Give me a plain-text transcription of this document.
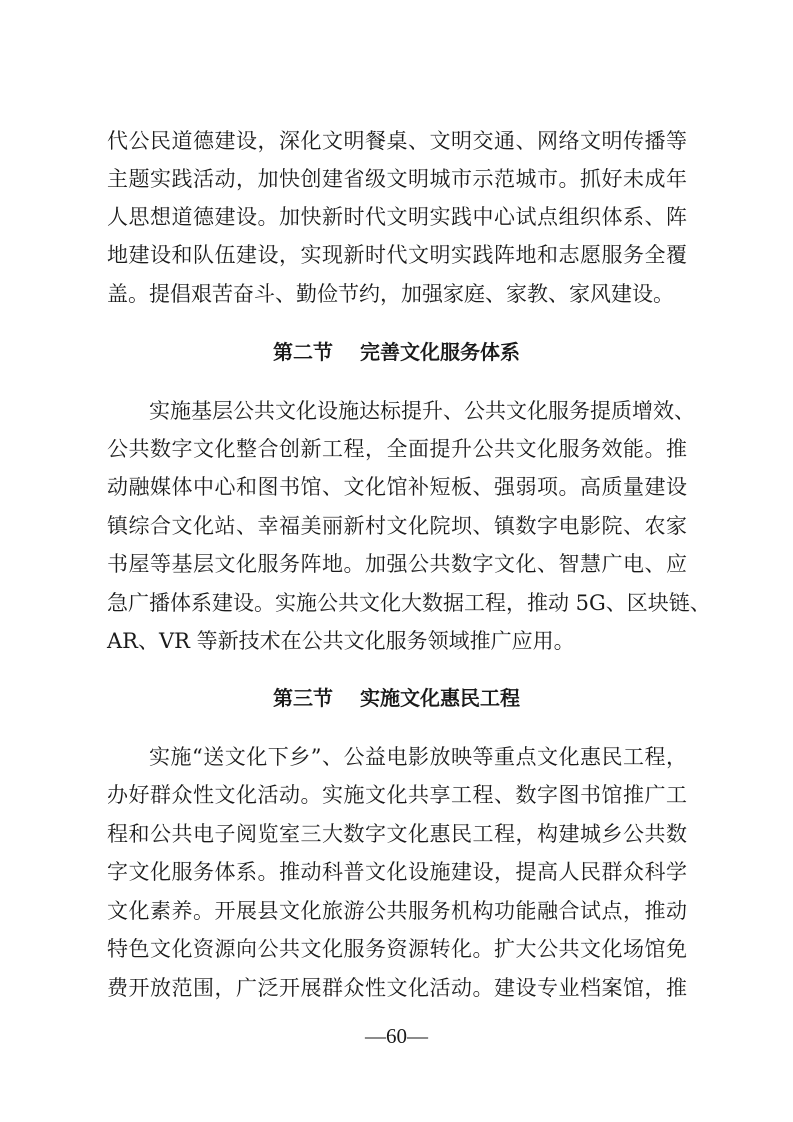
代公民道德建设，深化文明餐桌、文明交通、网络文明传播等
主题实践活动，加快创建省级文明城市示范城市。抓好未成年
人思想道德建设。加快新时代文明实践中心试点组织体系、阵
地建设和队伍建设，实现新时代文明实践阵地和志愿服务全覆
盖。提倡艰苦奋斗、勤俭节约，加强家庭、家教、家风建设。
第二节　 完善文化服务体系
实施基层公共文化设施达标提升、公共文化服务提质增效、
公共数字文化整合创新工程，全面提升公共文化服务效能。推
动融媒体中心和图书馆、文化馆补短板、强弱项。高质量建设
镇综合文化站、幸福美丽新村文化院坝、镇数字电影院、农家
书屋等基层文化服务阵地。加强公共数字文化、智慧广电、应
急广播体系建设。实施公共文化大数据工程，推动 5G、区块链、
AR、VR 等新技术在公共文化服务领域推广应用。
第三节　 实施文化惠民工程
实施“送文化下乡”、公益电影放映等重点文化惠民工程，
办好群众性文化活动。实施文化共享工程、数字图书馆推广工
程和公共电子阅览室三大数字文化惠民工程，构建城乡公共数
字文化服务体系。推动科普文化设施建设，提高人民群众科学
文化素养。开展县文化旅游公共服务机构功能融合试点，推动
特色文化资源向公共文化服务资源转化。扩大公共文化场馆免
费开放范围，广泛开展群众性文化活动。建设专业档案馆，推
—60—
